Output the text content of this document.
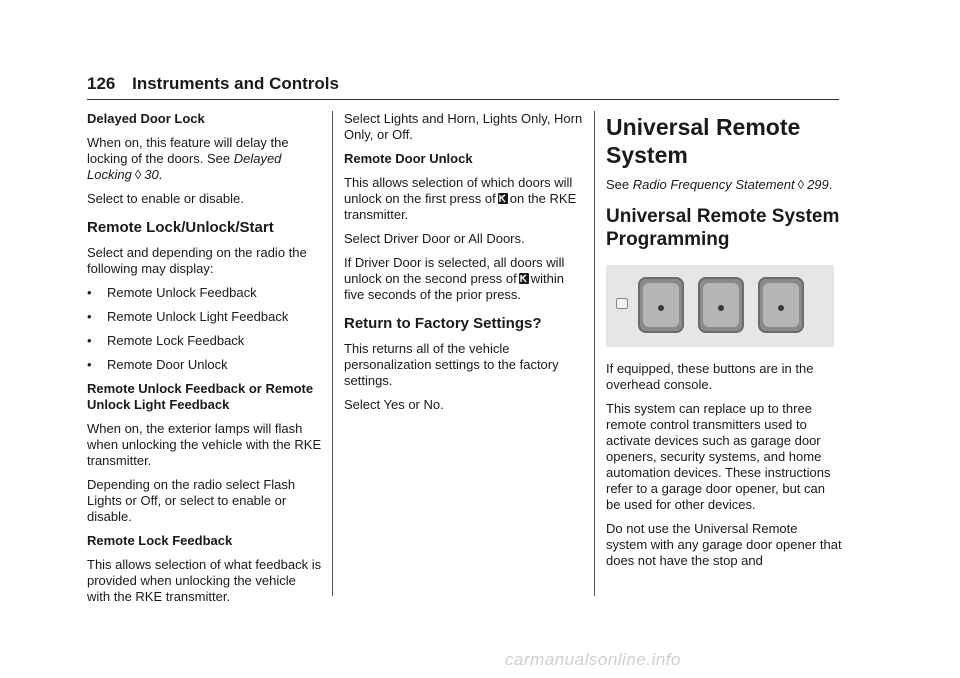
126 Instruments and Controls

Delayed Door Lock

When on, this feature will delay the locking of the doors. See Delayed Locking ◊ 30.

Select to enable or disable.

Remote Lock/Unlock/Start

Select and depending on the radio the following may display:

•	Remote Unlock Feedback
•	Remote Unlock Light Feedback
•	Remote Lock Feedback
•	Remote Door Unlock

Remote Unlock Feedback or Remote Unlock Light Feedback

When on, the exterior lamps will flash when unlocking the vehicle with the RKE transmitter.

Depending on the radio select Flash Lights or Off, or select to enable or disable.

Remote Lock Feedback

This allows selection of what feedback is provided when unlocking the vehicle with the RKE transmitter.

Select Lights and Horn, Lights Only, Horn Only, or Off.

Remote Door Unlock

This allows selection of which doors will unlock on the first press of on the RKE transmitter.

Select Driver Door or All Doors.

If Driver Door is selected, all doors will unlock on the second press of within five seconds of the prior press.

Return to Factory Settings?

This returns all of the vehicle personalization settings to the factory settings.

Select Yes or No.

Universal Remote System

See Radio Frequency Statement ◊ 299.

Universal Remote System Programming

If equipped, these buttons are in the overhead console.

This system can replace up to three remote control transmitters used to activate devices such as garage door openers, security systems, and home automation devices. These instructions refer to a garage door opener, but can be used for other devices.

Do not use the Universal Remote system with any garage door opener that does not have the stop and

carmanualsonline.info
